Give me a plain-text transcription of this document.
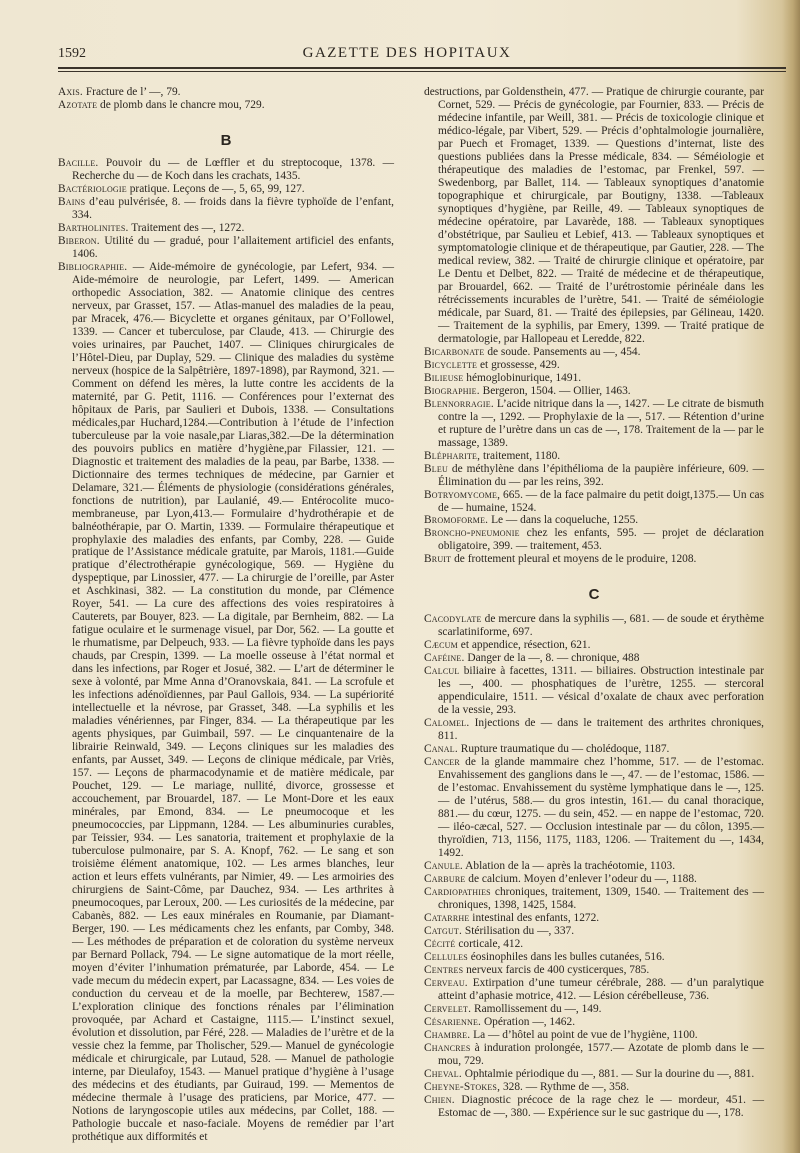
1592	GAZETTE DES HOPITAUX
Axis. Fracture de l’ —, 79.
Azotate de plomb dans le chancre mou, 729.
B
Bacille. Pouvoir du — de Lœffler et du streptocoque, 1378. — Recherche du — de Koch dans les crachats, 1435.
Bactériologie pratique. Leçons de —, 5, 65, 99, 127.
Bains d’eau pulvérisée, 8. — froids dans la fièvre typhoïde de l’enfant, 334.
Bartholinites. Traitement des —, 1272.
Biberon. Utilité du — gradué, pour l’allaitement artificiel des enfants, 1406.
Bibliographie. — Aide-mémoire de gynécologie, par Lefert, 934. — Aide-mémoire de neurologie, par Lefert, 1499. — American orthopedic Association, 382. — Anatomie clinique des centres nerveux, par Grasset, 157. — Atlas-manuel des maladies de la peau, par Mracek, 476.— Bicyclette et organes génitaux, par O’Followel, 1339. — Cancer et tuberculose, par Claude, 413. — Chirurgie des voies urinaires, par Pauchet, 1407. — Cliniques chirurgicales de l’Hôtel-Dieu, par Duplay, 529. — Clinique des maladies du système nerveux (hospice de la Salpêtrière, 1897-1898), par Raymond, 321. — Comment on défend les mères, la lutte contre les accidents de la maternité, par G. Petit, 1116. — Conférences pour l’externat des hôpitaux de Paris, par Saulieri et Dubois, 1338. — Consultations médicales,par Huchard,1284.—Contribution à l’étude de l’infection tuberculeuse par la voie nasale,par Liaras,382.—De la détermination des pouvoirs publics en matière d’hygiène,par Filassier, 121. — Diagnostic et traitement des maladies de la peau, par Barbe, 1338. — Dictionnaire des termes techniques de médecine, par Garnier et Delamare, 321.— Éléments de physiologie (considérations générales, fonctions de nutrition), par Laulanié, 49.— Entérocolite muco-membraneuse, par Lyon,413.— Formulaire d’hydrothérapie et de balnéothérapie, par O. Martin, 1339. — Formulaire thérapeutique et prophylaxie des maladies des enfants, par Comby, 228. — Guide pratique de l’Assistance médicale gratuite, par Marois, 1181.—Guide pratique d’électrothérapie gynécologique, 569. — Hygiène du dyspeptique, par Linossier, 477. — La chirurgie de l’oreille, par Aster et Aschkinasi, 382. — La constitution du monde, par Clémence Royer, 541. — La cure des affections des voies respiratoires à Cauterets, par Bouyer, 823. — La digitale, par Bernheim, 882. — La fatigue oculaire et le surmenage visuel, par Dor, 562. — La goutte et le rhumatisme, par Delpeuch, 933. — La fièvre typhoïde dans les pays chauds, par Crespin, 1399. — La moelle osseuse à l’état normal et dans les infections, par Roger et Josué, 382. — L’art de déterminer le sexe à volonté, par Mme Anna d’Oranovskaia, 841. — La scrofule et les infections adénoïdiennes, par Paul Gallois, 934. — La supériorité intellectuelle et la névrose, par Grasset, 348. —La syphilis et les maladies vénériennes, par Finger, 834. — La thérapeutique par les agents physiques, par Guimbail, 597. — Le cinquantenaire de la librairie Reinwald, 349. — Leçons cliniques sur les maladies des enfants, par Ausset, 349. — Leçons de clinique médicale, par Vriès, 157. — Leçons de pharmacodynamie et de matière médicale, par Pouchet, 129. — Le mariage, nullité, divorce, grossesse et accouchement, par Brouardel, 187. — Le Mont-Dore et les eaux minérales, par Emond, 834. — Le pneumocoque et les pneumococcies, par Lippmann, 1284. — Les albuminuries curables, par Teissier, 934. — Les sanatoria, traitement et prophylaxie de la tuberculose pulmonaire, par S. A. Knopf, 762. — Le sang et son troisième élément anatomique, 102. — Les armes blanches, leur action et leurs effets vulnérants, par Nimier, 49. — Les armoiries des chirurgiens de Saint-Côme, par Dauchez, 934. — Les arthrites à pneumocoques, par Leroux, 200. — Les curiosités de la médecine, par Cabanès, 882. — Les eaux minérales en Roumanie, par Diamant-Berger, 190. — Les médicaments chez les enfants, par Comby, 348. — Les méthodes de préparation et de coloration du système nerveux par Bernard Pollack, 794. — Le signe automatique de la mort réelle, moyen d’éviter l’inhumation prématurée, par Laborde, 454. — Le vade mecum du médecin expert, par Lacassagne, 834. — Les voies de conduction du cerveau et de la moelle, par Bechterew, 1587.— L’exploration clinique des fonctions rénales par l’élimination provoquée, par Achard et Castaigne, 1115.— L’instinct sexuel, évolution et dissolution, par Féré, 228. — Maladies de l’urètre et de la vessie chez la femme, par Tholischer, 529.— Manuel de gynécologie médicale et chirurgicale, par Lutaud, 528. — Manuel de pathologie interne, par Dieulafoy, 1543. — Manuel pratique d’hygiène à l’usage des médecins et des étudiants, par Guiraud, 199. — Mementos de médecine thermale à l’usage des praticiens, par Morice, 477. — Notions de laryngoscopie utiles aux médecins, par Collet, 188. — Pathologie buccale et naso-faciale. Moyens de remédier par l’art prothétique aux difformités et
destructions, par Goldensthein, 477. — Pratique de chirurgie courante, par Cornet, 529. — Précis de gynécologie, par Fournier, 833. — Précis de médecine infantile, par Weill, 381. — Précis de toxicologie clinique et médico-légale, par Vibert, 529. — Précis d’ophtalmologie journalière, par Puech et Fromaget, 1339. — Questions d’internat, liste des questions publiées dans la Presse médicale, 834. — Séméiologie et thérapeutique des maladies de l’estomac, par Frenkel, 597. — Swedenborg, par Ballet, 114. — Tableaux synoptiques d’anatomie topographique et chirurgicale, par Boutigny, 1338. —Tableaux synoptiques d’hygiène, par Reille, 49. — Tableaux synoptiques de médecine opératoire, par Lavarède, 188. — Tableaux synoptiques d’obstétrique, par Saulieu et Lebief, 413. — Tableaux synoptiques et symptomatologie clinique et de thérapeutique, par Gautier, 228. — The medical review, 382. — Traité de chirurgie clinique et opératoire, par Le Dentu et Delbet, 822. — Traité de médecine et de thérapeutique, par Brouardel, 662. — Traité de l’urétrostomie périnéale dans les rétrécissements incurables de l’urètre, 541. — Traité de séméiologie médicale, par Suard, 81. — Traité des épilepsies, par Gélineau, 1420. — Traitement de la syphilis, par Emery, 1399. — Traité pratique de dermatologie, par Hallopeau et Leredde, 822.
Bicarbonate de soude. Pansements au —, 454.
Bicyclette et grossesse, 429.
Bilieuse hémoglobinurique, 1491.
Biographie. Bergeron, 1504. — Ollier, 1463.
Blennorragie. L’acide nitrique dans la —, 1427. — Le citrate de bismuth contre la —, 1292. — Prophylaxie de la —, 517. — Rétention d’urine et rupture de l’urètre dans un cas de —, 178. Traitement de la — par le massage, 1389.
Blépharite, traitement, 1180.
Bleu de méthylène dans l’épithélioma de la paupière inférieure, 609. — Élimination du — par les reins, 392.
Botryomycome, 665. — de la face palmaire du petit doigt,1375.— Un cas de — humaine, 1524.
Bromoforme. Le — dans la coqueluche, 1255.
Broncho-pneumonie chez les enfants, 595. — projet de déclaration obligatoire, 399. — traitement, 453.
Bruit de frottement pleural et moyens de le produire, 1208.
C
Cacodylate de mercure dans la syphilis —, 681. — de soude et érythème scarlatiniforme, 697.
Cæcum et appendice, résection, 621.
Caféine. Danger de la —, 8. — chronique, 488
Calcul biliaire à facettes, 1311. — biliaires. Obstruction intestinale par les —, 400. — phosphatiques de l’urètre, 1255. — stercoral appendiculaire, 1511. — vésical d’oxalate de chaux avec perforation de la vessie, 293.
Calomel. Injections de — dans le traitement des arthrites chroniques, 811.
Canal. Rupture traumatique du — cholédoque, 1187.
Cancer de la glande mammaire chez l’homme, 517. — de l’estomac. Envahissement des ganglions dans le —, 47. — de l’estomac, 1586. — de l’estomac. Envahissement du système lymphatique dans le —, 125.— de l’utérus, 588.— du gros intestin, 161.— du canal thoracique, 881.— du cœur, 1275. — du sein, 452. — en nappe de l’estomac, 720. — iléo-cæcal, 527. — Occlusion intestinale par — du côlon, 1395.— thyroïdien, 713, 1156, 1175, 1183, 1206. — Traitement du —, 1434, 1492.
Canule. Ablation de la — après la trachéotomie, 1103.
Carbure de calcium. Moyen d’enlever l’odeur du —, 1188.
Cardiopathies chroniques, traitement, 1309, 1540. — Traitement des — chroniques, 1398, 1425, 1584.
Catarrhe intestinal des enfants, 1272.
Catgut. Stérilisation du —, 337.
Cécité corticale, 412.
Cellules éosinophiles dans les bulles cutanées, 516.
Centres nerveux farcis de 400 cysticerques, 785.
Cerveau. Extirpation d’une tumeur cérébrale, 288. — d’un paralytique atteint d’aphasie motrice, 412. — Lésion cérébelleuse, 736.
Cervelet. Ramollissement du —, 149.
Césarienne. Opération —, 1462.
Chambre. La — d’hôtel au point de vue de l’hygiène, 1100.
Chancres à induration prolongée, 1577.— Azotate de plomb dans le — mou, 729.
Cheval. Ophtalmie périodique du —, 881. — Sur la dourine du —, 881.
Cheyne-Stokes, 328. — Rythme de —, 358.
Chien. Diagnostic précoce de la rage chez le — mordeur, 451. — Estomac de —, 380. — Expérience sur le suc gastrique du —, 178.
